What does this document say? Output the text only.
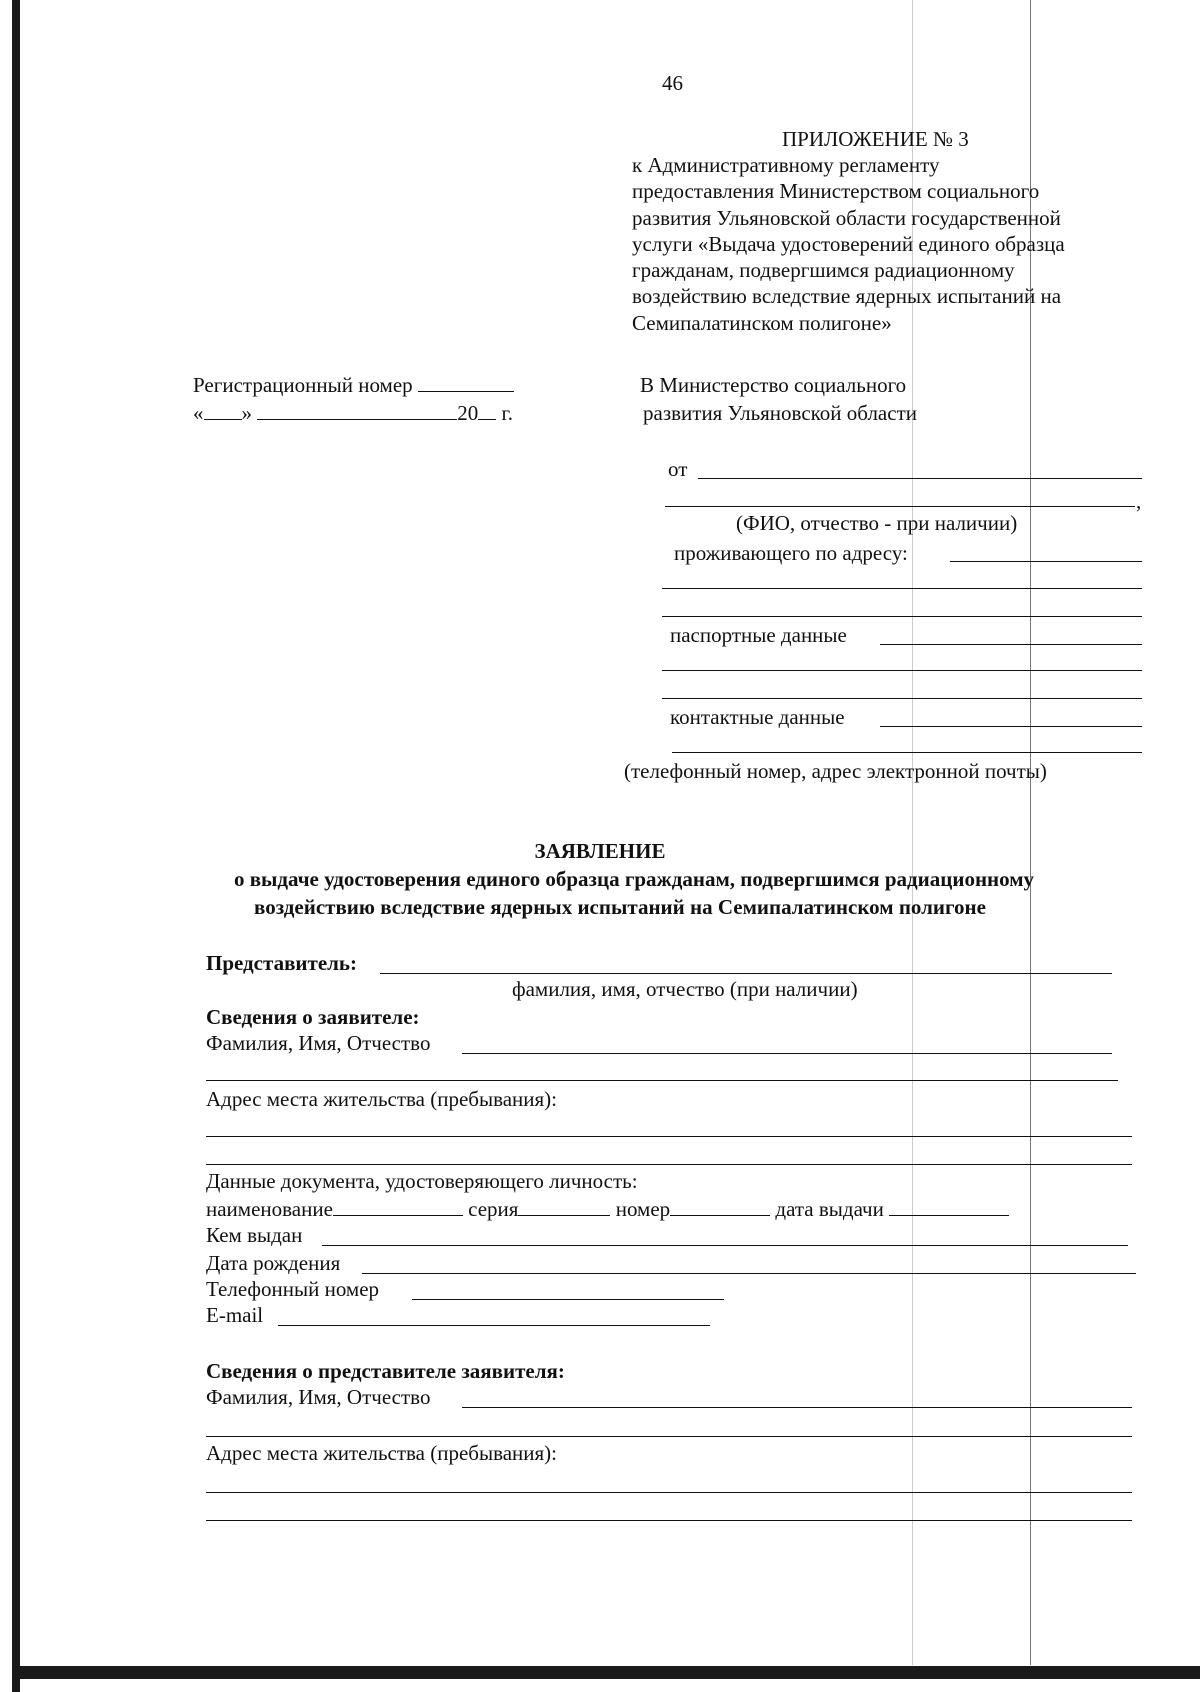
46
ПРИЛОЖЕНИЕ № 3
к Административному регламенту
предоставления Министерством социального
развития Ульяновской области государственной
услуги «Выдача удостоверений единого образца
гражданам, подвергшимся радиационному
воздействию вследствие ядерных испытаний на
Семипалатинском полигоне»
Регистрационный номер
« »	20 г.
В Министерство социального
развития Ульяновской области
от
,
(ФИО, отчество - при наличии)
проживающего по адресу:
паспортные данные
контактные данные
(телефонный номер, адрес электронной почты)
ЗАЯВЛЕНИЕ
о выдаче удостоверения единого образца гражданам, подвергшимся радиационному
воздействию вследствие ядерных испытаний на Семипалатинском полигоне
Представитель:
фамилия, имя, отчество (при наличии)
Сведения о заявителе:
Фамилия, Имя, Отчество
Адрес места жительства (пребывания):
Данные документа, удостоверяющего личность:
наименование	серия	номер	дата выдачи
Кем выдан
Дата рождения
Телефонный номер
E-mail
Сведения о представителе заявителя:
Фамилия, Имя, Отчество
Адрес места жительства (пребывания):
